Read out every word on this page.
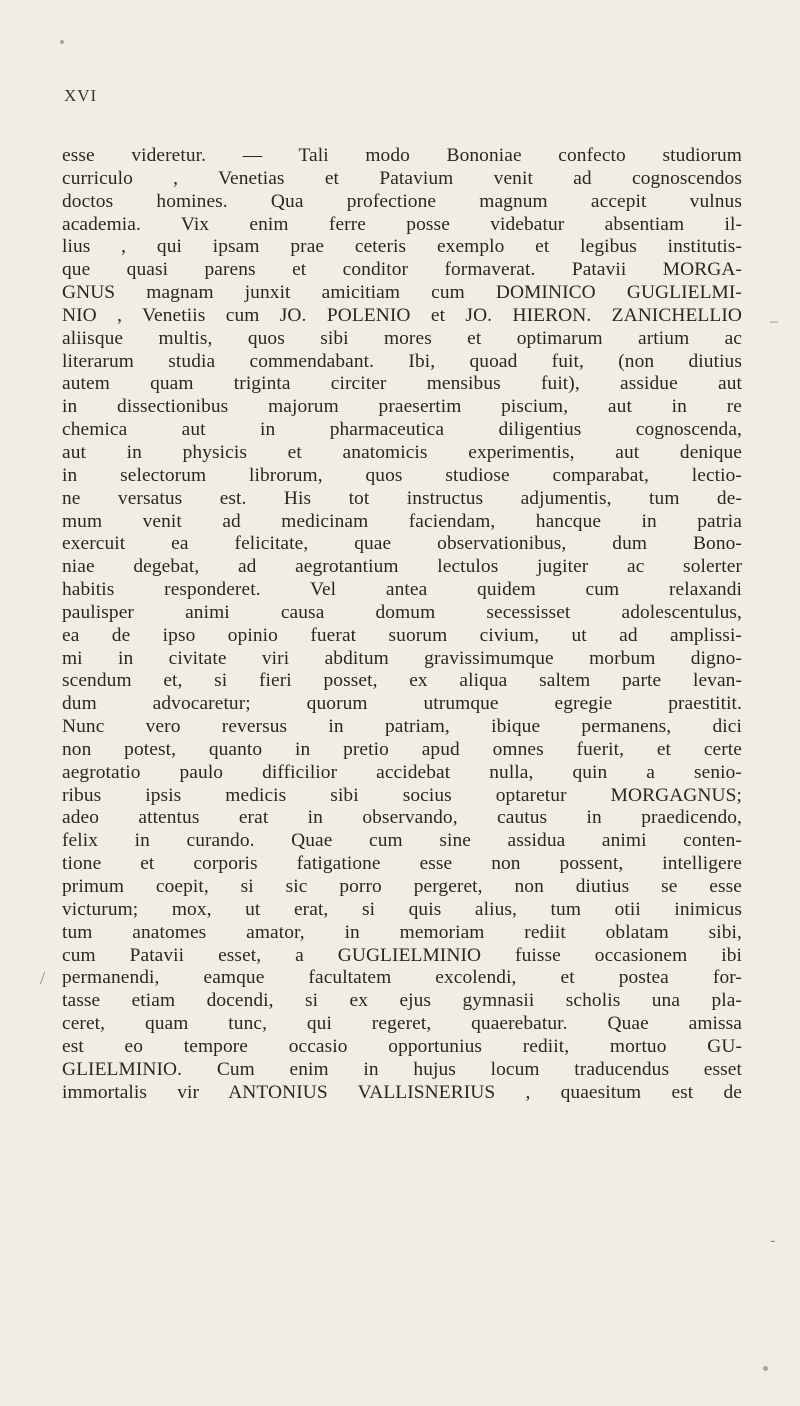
XVI
esse videretur. — Tali modo Bononiae confecto studiorum
curriculo , Venetias et Patavium venit ad cognoscendos
doctos homines. Qua profectione magnum accepit vulnus
academia. Vix enim ferre posse videbatur absentiam il-
lius , qui ipsam prae ceteris exemplo et legibus institutis-
que quasi parens et conditor formaverat. Patavii MORGA-
GNUS magnam junxit amicitiam cum DOMINICO GUGLIELMI-
NIO , Venetiis cum JO. POLENIO et JO. HIERON. ZANICHELLIO
aliisque multis, quos sibi mores et optimarum artium ac
literarum studia commendabant. Ibi, quoad fuit, (non diutius
autem quam triginta circiter mensibus fuit), assidue aut
in dissectionibus majorum praesertim piscium, aut in re
chemica aut in pharmaceutica diligentius cognoscenda,
aut in physicis et anatomicis experimentis, aut denique
in selectorum librorum, quos studiose comparabat, lectio-
ne versatus est. His tot instructus adjumentis, tum de-
mum venit ad medicinam faciendam, hancque in patria
exercuit ea felicitate, quae observationibus, dum Bono-
niae degebat, ad aegrotantium lectulos jugiter ac solerter
habitis responderet. Vel antea quidem cum relaxandi
paulisper animi causa domum secessisset adolescentulus,
ea de ipso opinio fuerat suorum civium, ut ad amplissi-
mi in civitate viri abditum gravissimumque morbum digno-
scendum et, si fieri posset, ex aliqua saltem parte levan-
dum advocaretur; quorum utrumque egregie praestitit.
Nunc vero reversus in patriam, ibique permanens, dici
non potest, quanto in pretio apud omnes fuerit, et certe
aegrotatio paulo difficilior accidebat nulla, quin a senio-
ribus ipsis medicis sibi socius optaretur MORGAGNUS;
adeo attentus erat in observando, cautus in praedicendo,
felix in curando. Quae cum sine assidua animi conten-
tione et corporis fatigatione esse non possent, intelligere
primum coepit, si sic porro pergeret, non diutius se esse
victurum; mox, ut erat, si quis alius, tum otii inimicus
tum anatomes amator, in memoriam rediit oblatam sibi,
cum Patavii esset, a GUGLIELMINIO fuisse occasionem ibi
permanendi, eamque facultatem excolendi, et postea for-
tasse etiam docendi, si ex ejus gymnasii scholis una pla-
ceret, quam tunc, qui regeret, quaerebatur. Quae amissa
est eo tempore occasio opportunius rediit, mortuo GU-
GLIELMINIO. Cum enim in hujus locum traducendus esset
immortalis vir ANTONIUS VALLISNERIUS , quaesitum est de
–
/
-
